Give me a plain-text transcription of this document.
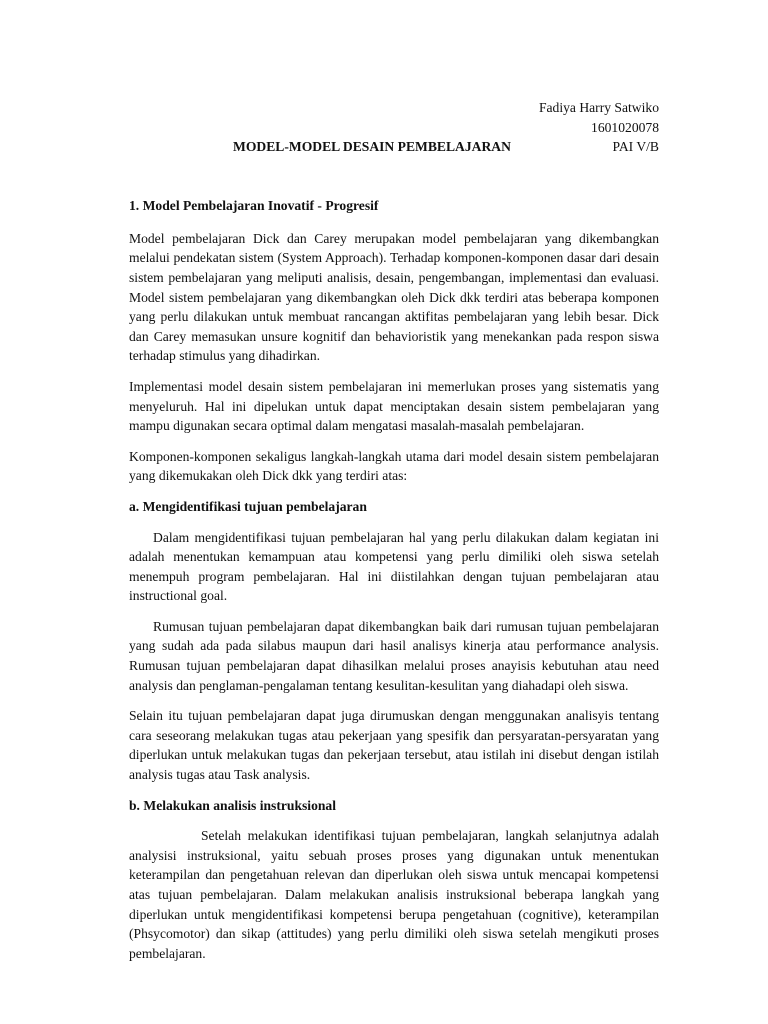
Fadiya Harry Satwiko

1601020078

MODEL-MODEL DESAIN PEMBELAJARAN	PAI V/B

1. Model Pembelajaran Inovatif - Progresif

Model pembelajaran Dick dan Carey merupakan model pembelajaran yang dikembangkan melalui pendekatan sistem (System Approach). Terhadap komponen-komponen dasar dari desain sistem pembelajaran yang meliputi analisis, desain, pengembangan, implementasi dan evaluasi. Model sistem pembelajaran yang dikembangkan oleh Dick dkk terdiri atas beberapa komponen yang perlu dilakukan untuk membuat rancangan aktifitas pembelajaran yang lebih besar. Dick dan Carey memasukan unsure kognitif dan behavioristik yang menekankan pada respon siswa terhadap stimulus yang dihadirkan.

Implementasi model desain sistem pembelajaran ini memerlukan proses yang sistematis yang menyeluruh. Hal ini dipelukan untuk dapat menciptakan desain sistem pembelajaran yang mampu digunakan secara optimal dalam mengatasi masalah-masalah pembelajaran.

Komponen-komponen sekaligus langkah-langkah utama dari model desain sistem pembelajaran yang dikemukakan oleh Dick dkk yang terdiri atas:

a. Mengidentifikasi tujuan pembelajaran

Dalam mengidentifikasi tujuan pembelajaran hal yang perlu dilakukan dalam kegiatan ini adalah menentukan kemampuan atau kompetensi yang perlu dimiliki oleh siswa setelah menempuh program pembelajaran. Hal ini diistilahkan dengan tujuan pembelajaran atau instructional goal.

Rumusan tujuan pembelajaran dapat dikembangkan baik dari rumusan tujuan pembelajaran yang sudah ada pada silabus maupun dari hasil analisys kinerja atau performance analysis. Rumusan tujuan pembelajaran dapat dihasilkan melalui proses anayisis kebutuhan atau need analysis dan penglaman-pengalaman tentang kesulitan-kesulitan yang diahadapi oleh siswa.

Selain itu tujuan pembelajaran dapat juga dirumuskan dengan menggunakan analisyis tentang cara seseorang melakukan tugas atau pekerjaan yang spesifik dan persyaratan-persyaratan yang diperlukan untuk melakukan tugas dan pekerjaan tersebut, atau istilah ini disebut dengan istilah analysis tugas atau Task analysis.

b. Melakukan analisis instruksional

Setelah melakukan identifikasi tujuan pembelajaran, langkah selanjutnya adalah analysisi instruksional, yaitu sebuah proses proses yang digunakan untuk menentukan keterampilan dan pengetahuan relevan dan diperlukan oleh siswa untuk mencapai kompetensi atas tujuan pembelajaran. Dalam melakukan analisis instruksional beberapa langkah yang diperlukan untuk mengidentifikasi kompetensi berupa pengetahuan (cognitive), keterampilan (Phsycomotor) dan sikap (attitudes) yang perlu dimiliki oleh siswa setelah mengikuti proses pembelajaran.
